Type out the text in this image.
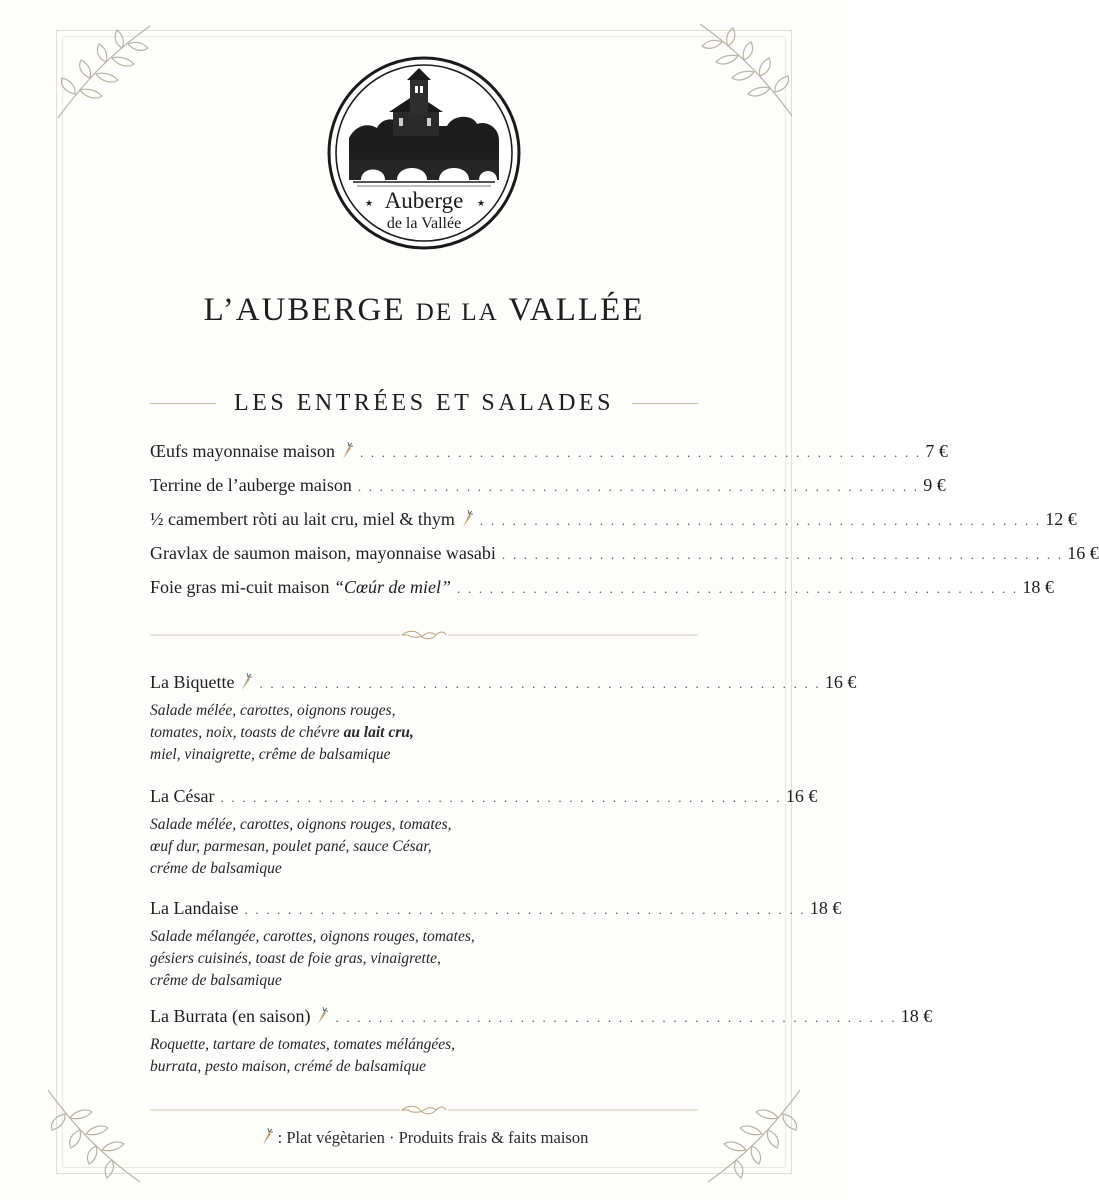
★	★
Auberge
de la Vallée
L’AUBERGE DE LA VALLÉE
LES ENTRÉES ET SALADES
Œufs mayonnaise maison	. . . . . . . . . . . . . . . . . . . . . . . . . . . . . . . . . . . . . . . . . . . . . . . . . . . . 7 €
Terrine de l’auberge maison . . . . . . . . . . . . . . . . . . . . . . . . . . . . . . . . . . . . . . . . . . . . . . . . . . . . 9 €
½ camembert ròti au lait cru, miel & thym	. . . . . . . . . . . . . . . . . . . . . . . . . . . . . . . . . . . . . . . . . . . . . . . . . . . . 12 €
Gravlax de saumon maison, mayonnaise wasabi . . . . . . . . . . . . . . . . . . . . . . . . . . . . . . . . . . . . . . . . . . . . . . . . . . . . 16 €
Foie gras mi-cuit maison “Cœúr de miel” . . . . . . . . . . . . . . . . . . . . . . . . . . . . . . . . . . . . . . . . . . . . . . . . . . . . 18 €
La Biquette	. . . . . . . . . . . . . . . . . . . . . . . . . . . . . . . . . . . . . . . . . . . . . . . . . . . . 16 €
Salade mélée, carottes, oignons rouges,
tomates, noix, toasts de chévre au lait cru,
miel, vinaigrette, crême de balsamique
La César . . . . . . . . . . . . . . . . . . . . . . . . . . . . . . . . . . . . . . . . . . . . . . . . . . . . 16 €
Salade mélée, carottes, oignons rouges, tomates,
œuf dur, parmesan, poulet pané, sauce César,
créme de balsamique
La Landaise . . . . . . . . . . . . . . . . . . . . . . . . . . . . . . . . . . . . . . . . . . . . . . . . . . . . 18 €
Salade mélangée, carottes, oignons rouges, tomates,
gésiers cuisinés, toast de foie gras, vinaigrette,
crême de balsamique
La Burrata (en saison)	. . . . . . . . . . . . . . . . . . . . . . . . . . . . . . . . . . . . . . . . . . . . . . . . . . . . 18 €
Roquette, tartare de tomates, tomates mélángées,
burrata, pesto maison, crémé de balsamique
: Plat végètarien · Produits frais & faits maison
